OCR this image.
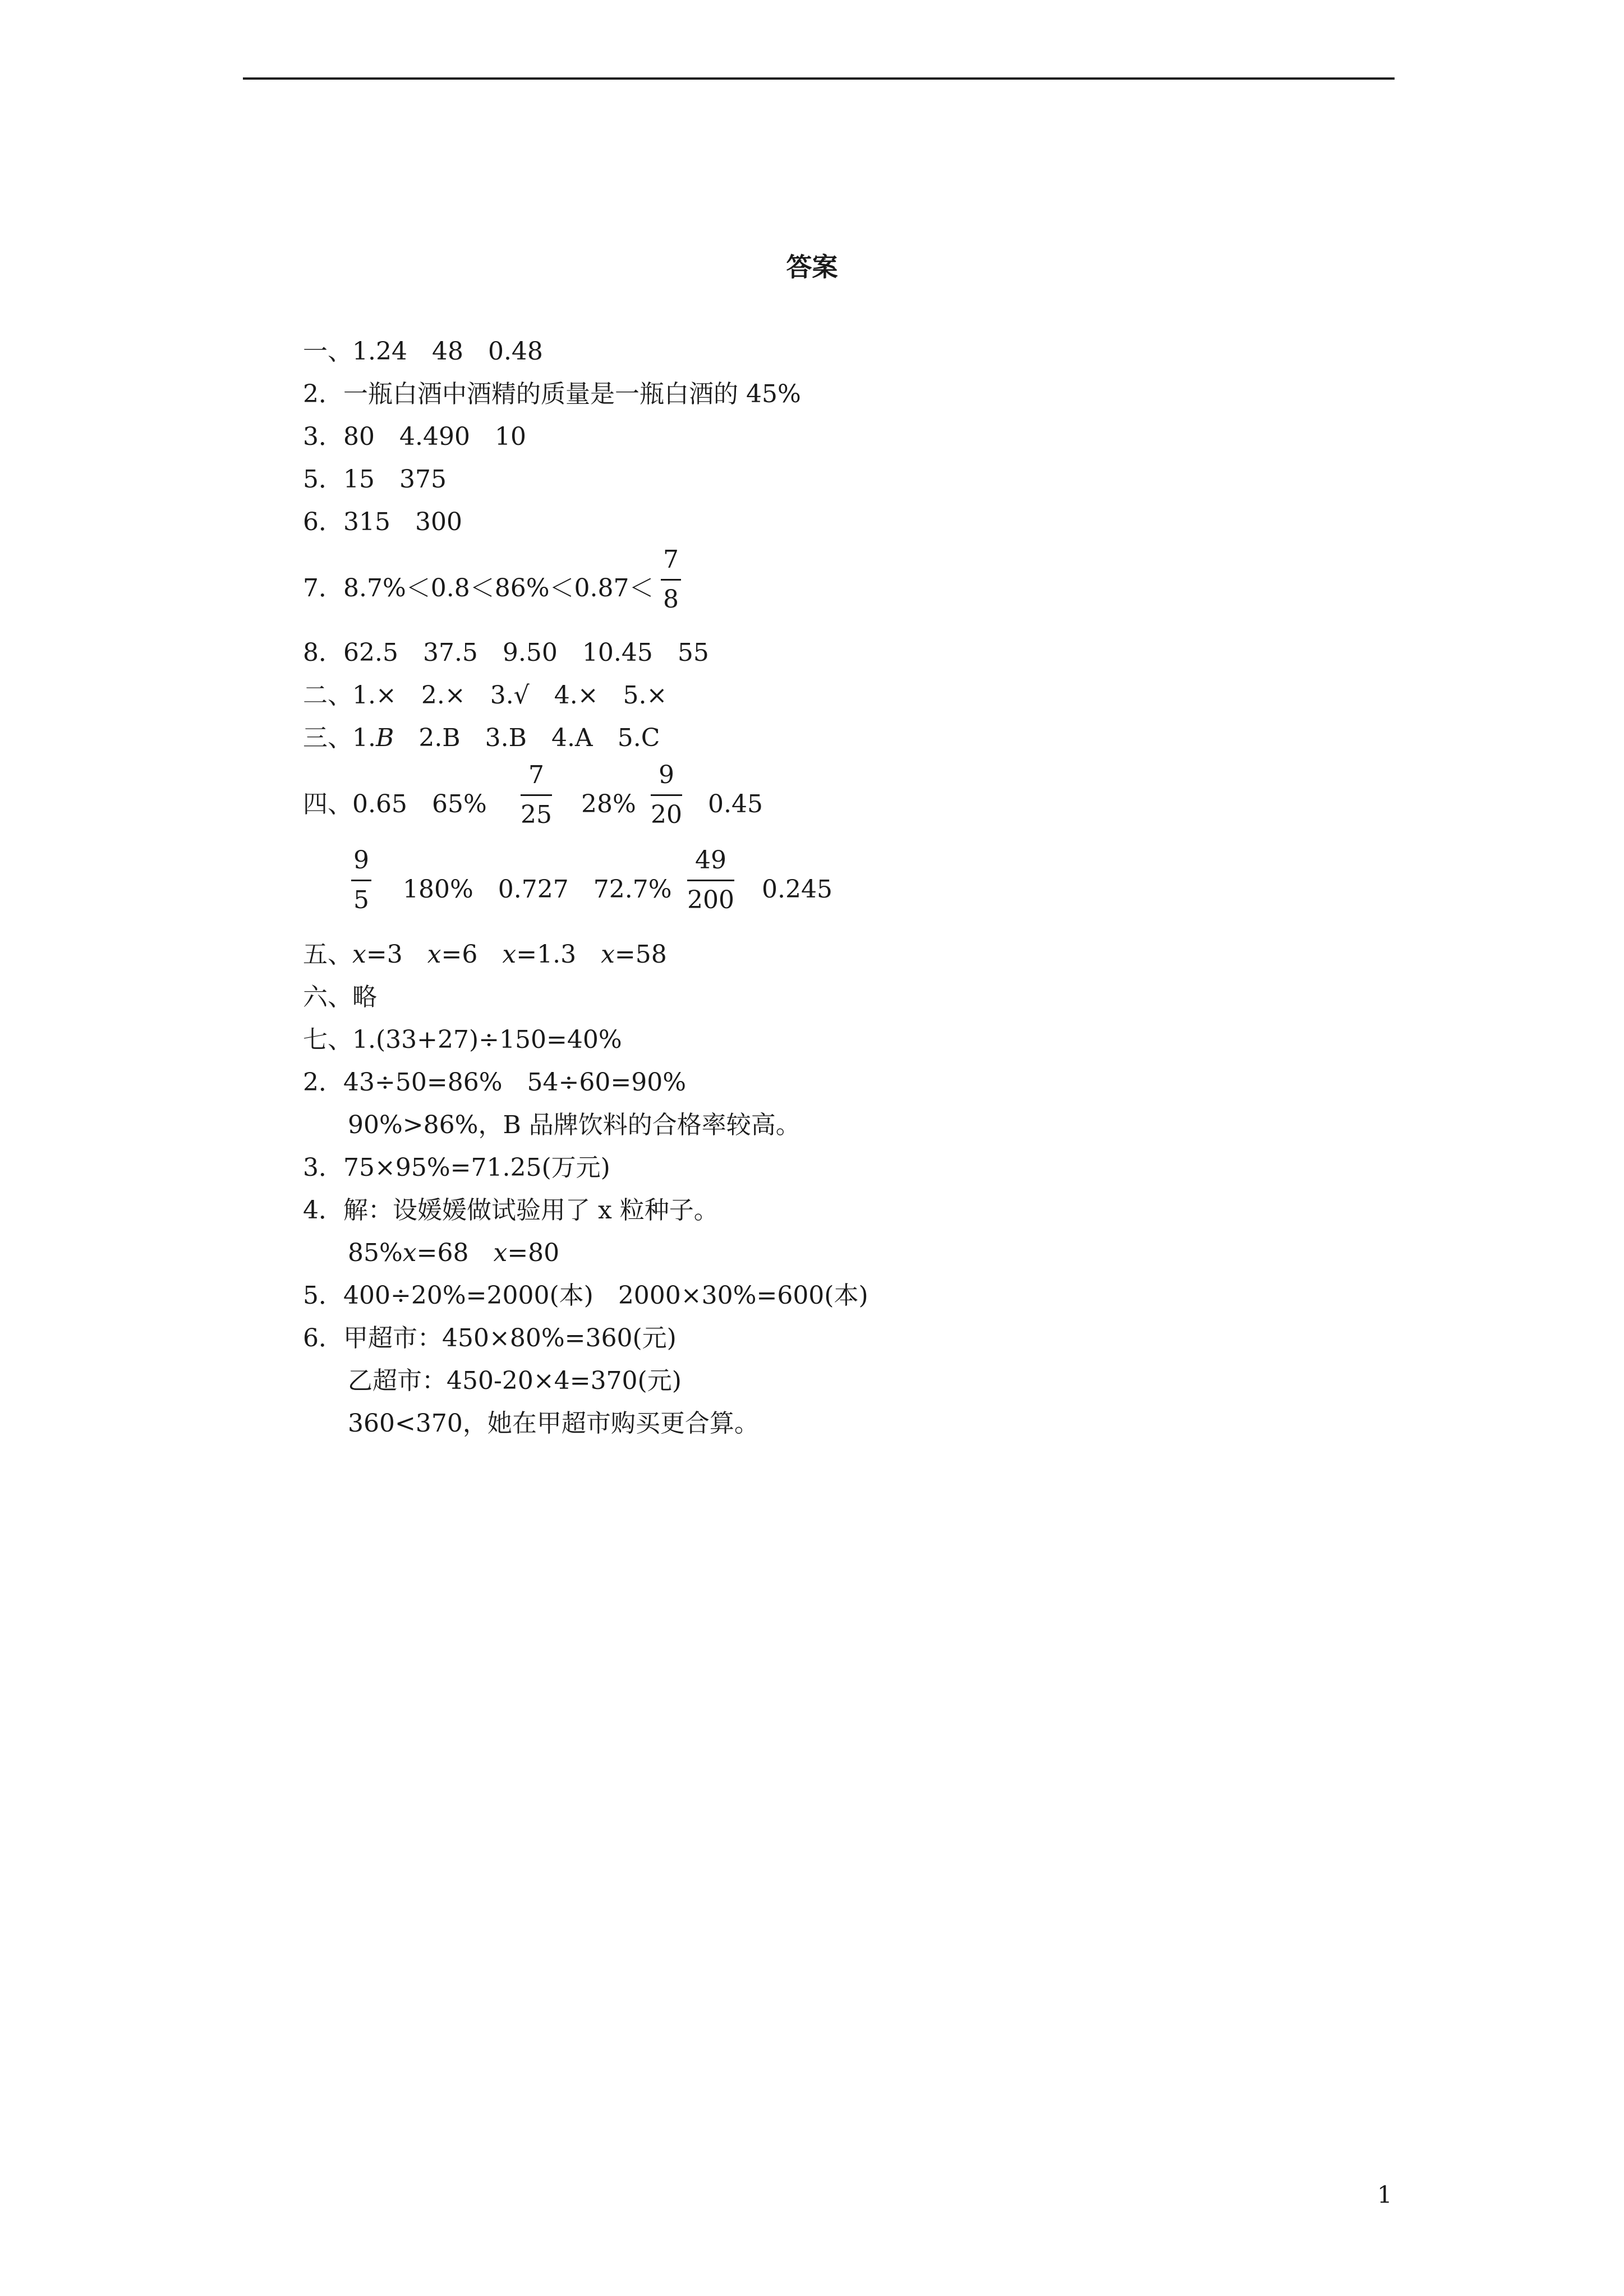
答案
一、1.24　48　0.48
2．一瓶白酒中酒精的质量是一瓶白酒的 45%
3．80　4.490　10
5．15　375
6．315　300
7．$8.7\%<0.8<86\%<0.87< \frac{7}{8}$
8．62.5　37.5　9.50　10.45　55
二、1.×　2.×　3.√　4.×　5.×
三、1.B　2.B　3.B　4.A　5.C
四、0.65　$65\% \frac{7}{25} 28\% \frac{9}{20} 0.45$
$\frac{9}{5} 180\%$　0.727　$72.7\% \frac{49}{200} 0.245$
五、x=3　x=6　x=1.3　x=58
六、略
七、1.(33+27)÷150=40%
2．43÷50=86%　54÷60=90%
90%>86%，B 品牌饮料的合格率较高。
3．75×95%=71.25(万元)
4．解：设媛媛做试验用了 x 粒种子。
85%x=68　x=80
5．400÷20%=2000(本)　2000×30%=600(本)
6．甲超市：450×80%=360(元)
乙超市：450-20×4=370(元)
360<370，她在甲超市购买更合算。
1
